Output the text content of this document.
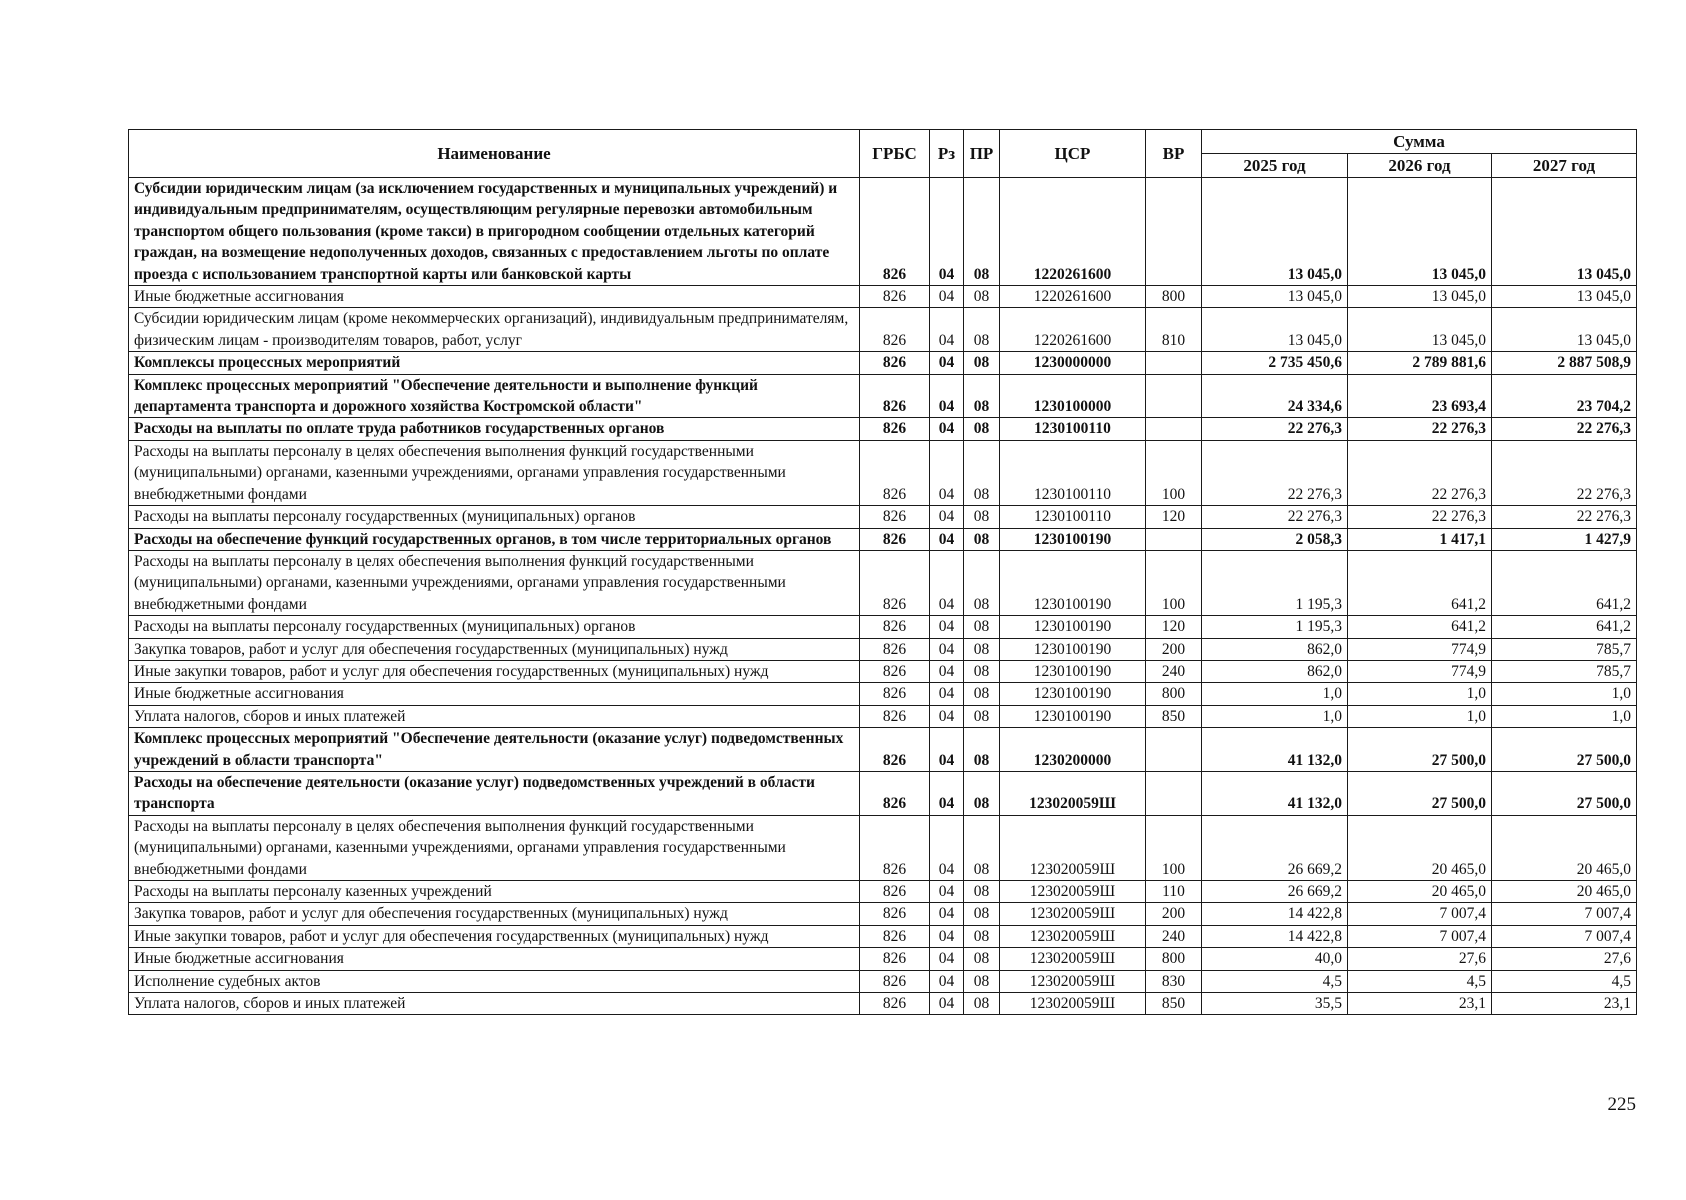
Наименование	ГРБС	Рз	ПР	ЦСР	ВР	Сумма		
						2025 год	2026 год	2027 год
Субсидии юридическим лицам (за исключением государственных и муниципальных учреждений) и индивидуальным предпринимателям, осуществляющим регулярные перевозки автомобильным транспортом общего пользования (кроме такси) в пригородном сообщении отдельных категорий граждан, на возмещение недополученных доходов, связанных с предоставлением льготы по оплате проезда с использованием транспортной карты или банковской карты	826	04	08	1220261600		13 045,0	13 045,0	13 045,0
Иные бюджетные ассигнования	826	04	08	1220261600	800	13 045,0	13 045,0	13 045,0
Субсидии юридическим лицам (кроме некоммерческих организаций), индивидуальным предпринимателям, физическим лицам - производителям товаров, работ, услуг	826	04	08	1220261600	810	13 045,0	13 045,0	13 045,0
Комплексы процессных мероприятий	826	04	08	1230000000		2 735 450,6	2 789 881,6	2 887 508,9
Комплекс процессных мероприятий "Обеспечение деятельности и выполнение функций департамента транспорта и дорожного хозяйства Костромской области"	826	04	08	1230100000		24 334,6	23 693,4	23 704,2
Расходы на выплаты по оплате труда работников государственных органов	826	04	08	1230100110		22 276,3	22 276,3	22 276,3
Расходы на выплаты персоналу в целях обеспечения выполнения функций государственными (муниципальными) органами, казенными учреждениями, органами управления государственными внебюджетными фондами	826	04	08	1230100110	100	22 276,3	22 276,3	22 276,3
Расходы на выплаты персоналу государственных (муниципальных) органов	826	04	08	1230100110	120	22 276,3	22 276,3	22 276,3
Расходы на обеспечение функций государственных органов, в том числе территориальных органов	826	04	08	1230100190		2 058,3	1 417,1	1 427,9
Расходы на выплаты персоналу в целях обеспечения выполнения функций государственными (муниципальными) органами, казенными учреждениями, органами управления государственными внебюджетными фондами	826	04	08	1230100190	100	1 195,3	641,2	641,2
Расходы на выплаты персоналу государственных (муниципальных) органов	826	04	08	1230100190	120	1 195,3	641,2	641,2
Закупка товаров, работ и услуг для обеспечения государственных (муниципальных) нужд	826	04	08	1230100190	200	862,0	774,9	785,7
Иные закупки товаров, работ и услуг для обеспечения государственных (муниципальных) нужд	826	04	08	1230100190	240	862,0	774,9	785,7
Иные бюджетные ассигнования	826	04	08	1230100190	800	1,0	1,0	1,0
Уплата налогов, сборов и иных платежей	826	04	08	1230100190	850	1,0	1,0	1,0
Комплекс процессных мероприятий "Обеспечение деятельности (оказание услуг) подведомственных учреждений в области транспорта"	826	04	08	1230200000		41 132,0	27 500,0	27 500,0
Расходы на обеспечение деятельности (оказание услуг) подведомственных учреждений в области транспорта	826	04	08	123020059Ш		41 132,0	27 500,0	27 500,0
Расходы на выплаты персоналу в целях обеспечения выполнения функций государственными (муниципальными) органами, казенными учреждениями, органами управления государственными внебюджетными фондами	826	04	08	123020059Ш	100	26 669,2	20 465,0	20 465,0
Расходы на выплаты персоналу казенных учреждений	826	04	08	123020059Ш	110	26 669,2	20 465,0	20 465,0
Закупка товаров, работ и услуг для обеспечения государственных (муниципальных) нужд	826	04	08	123020059Ш	200	14 422,8	7 007,4	7 007,4
Иные закупки товаров, работ и услуг для обеспечения государственных (муниципальных) нужд	826	04	08	123020059Ш	240	14 422,8	7 007,4	7 007,4
Иные бюджетные ассигнования	826	04	08	123020059Ш	800	40,0	27,6	27,6
Исполнение судебных актов	826	04	08	123020059Ш	830	4,5	4,5	4,5
Уплата налогов, сборов и иных платежей	826	04	08	123020059Ш	850	35,5	23,1	23,1
225
